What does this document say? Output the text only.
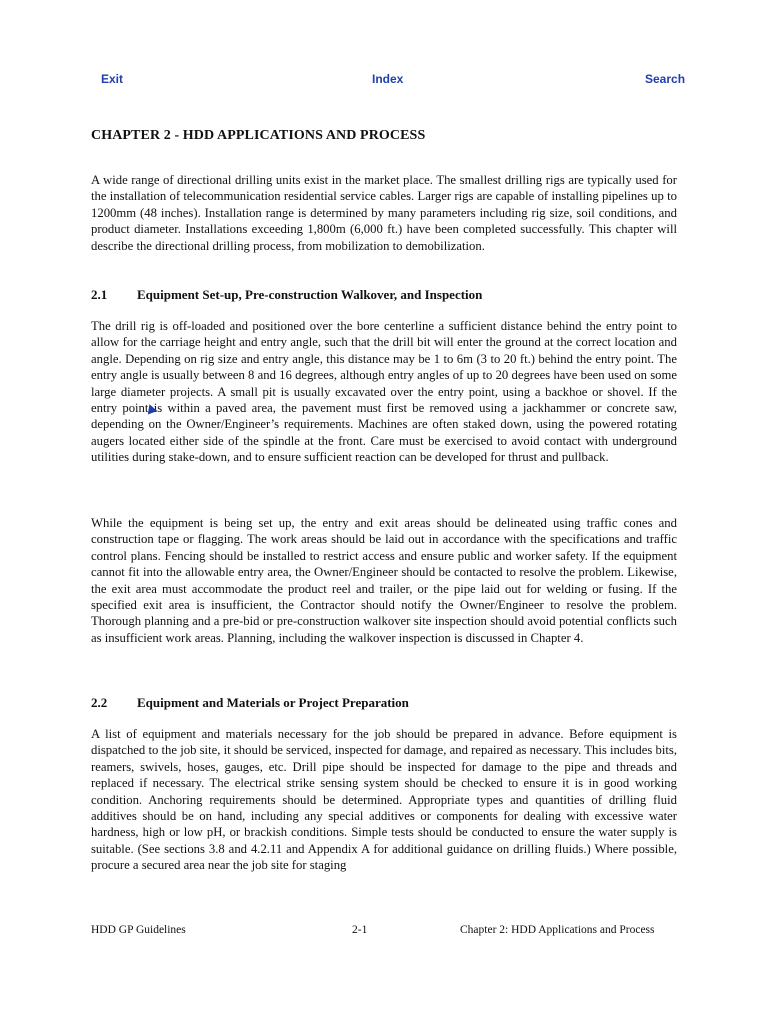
Exit	Index	Search
CHAPTER 2 - HDD APPLICATIONS AND PROCESS

A wide range of directional drilling units exist in the market place. The smallest drilling rigs are typically used for the installation of telecommunication residential service cables. Larger rigs are capable of installing pipelines up to 1200mm (48 inches). Installation range is determined by many parameters including rig size, soil conditions, and product diameter. Installations exceeding 1,800m (6,000 ft.) have been completed successfully. This chapter will describe the directional drilling process, from mobilization to demobilization.

2.1 Equipment Set-up, Pre-construction Walkover, and Inspection

The drill rig is off-loaded and positioned over the bore centerline a sufficient distance behind the entry point to allow for the carriage height and entry angle, such that the drill bit will enter the ground at the correct location and angle. Depending on rig size and entry angle, this distance may be 1 to 6m (3 to 20 ft.) behind the entry point. The entry angle is usually between 8 and 16 degrees, although entry angles of up to 20 degrees have been used on some large diameter projects. A small pit is usually excavated over the entry point, using a backhoe or shovel. If the entry point is within a paved area, the pavement must first be removed using a jackhammer or concrete saw, depending on the Owner/Engineer’s requirements. Machines are often staked down, using the powered rotating augers located either side of the spindle at the front. Care must be exercised to avoid contact with underground utilities during stake-down, and to ensure sufficient reaction can be developed for thrust and pullback.

While the equipment is being set up, the entry and exit areas should be delineated using traffic cones and construction tape or flagging. The work areas should be laid out in accordance with the specifications and traffic control plans. Fencing should be installed to restrict access and ensure public and worker safety. If the equipment cannot fit into the allowable entry area, the Owner/Engineer should be contacted to resolve the problem. Likewise, the exit area must accommodate the product reel and trailer, or the pipe laid out for welding or fusing. If the specified exit area is insufficient, the Contractor should notify the Owner/Engineer to resolve the problem. Thorough planning and a pre-bid or pre-construction walkover site inspection should avoid potential conflicts such as insufficient work areas. Planning, including the walkover inspection is discussed in Chapter 4.

2.2 Equipment and Materials or Project Preparation

A list of equipment and materials necessary for the job should be prepared in advance. Before equipment is dispatched to the job site, it should be serviced, inspected for damage, and repaired as necessary. This includes bits, reamers, swivels, hoses, gauges, etc. Drill pipe should be inspected for damage to the pipe and threads and replaced if necessary. The electrical strike sensing system should be checked to ensure it is in good working condition. Anchoring requirements should be determined. Appropriate types and quantities of drilling fluid additives should be on hand, including any special additives or components for dealing with excessive water hardness, high or low pH, or brackish conditions. Simple tests should be conducted to ensure the water supply is suitable. (See sections 3.8 and 4.2.11 and Appendix A for additional guidance on drilling fluids.) Where possible, procure a secured area near the job site for staging

HDD GP Guidelines	2-1	Chapter 2: HDD Applications and Process
